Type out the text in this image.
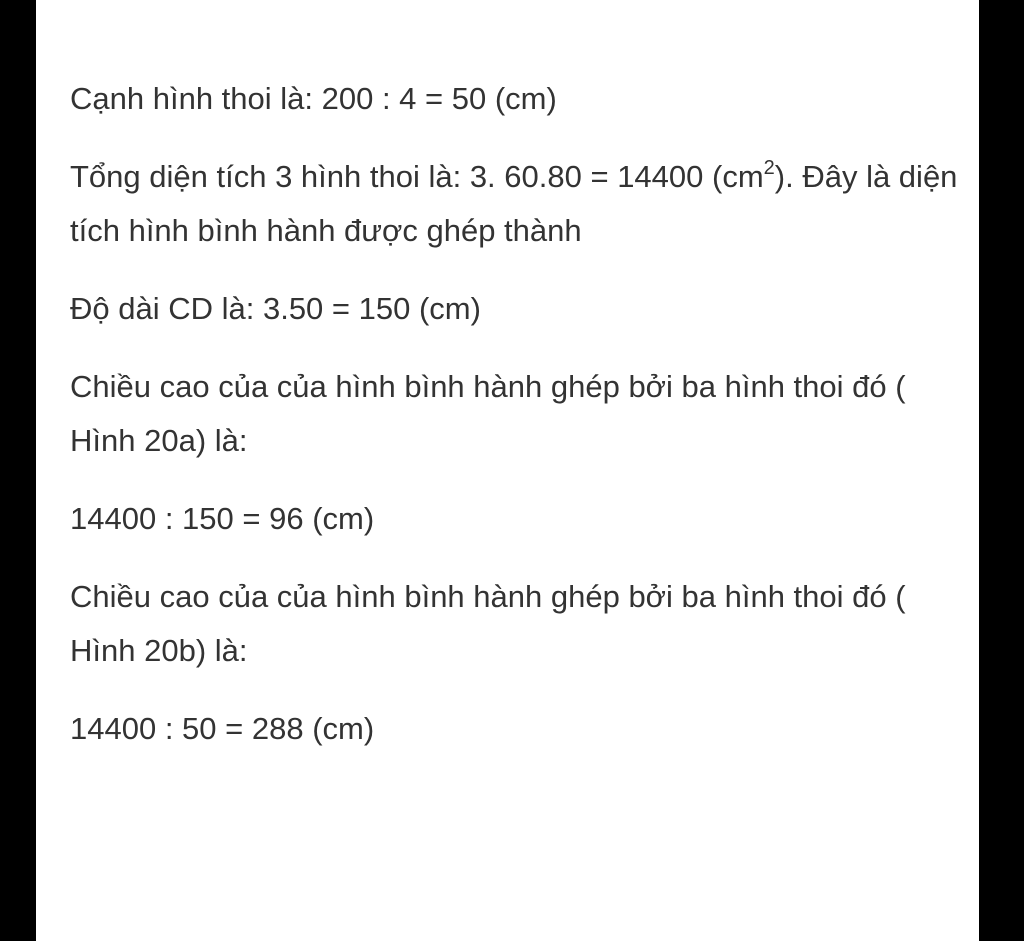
Cạnh hình thoi là: 200 : 4 = 50 (cm)

Tổng diện tích 3 hình thoi là: 3. 60.80 = 14400 $(cm^2)$. Đây là diện tích hình bình hành được ghép thành

Độ dài CD là: 3.50 = 150 (cm)

Chiều cao của của hình bình hành ghép bởi ba hình thoi đó ( Hình 20a) là:

14400 : 150 = 96 (cm)

Chiều cao của của hình bình hành ghép bởi ba hình thoi đó ( Hình 20b) là:

14400 : 50 = 288 (cm)
